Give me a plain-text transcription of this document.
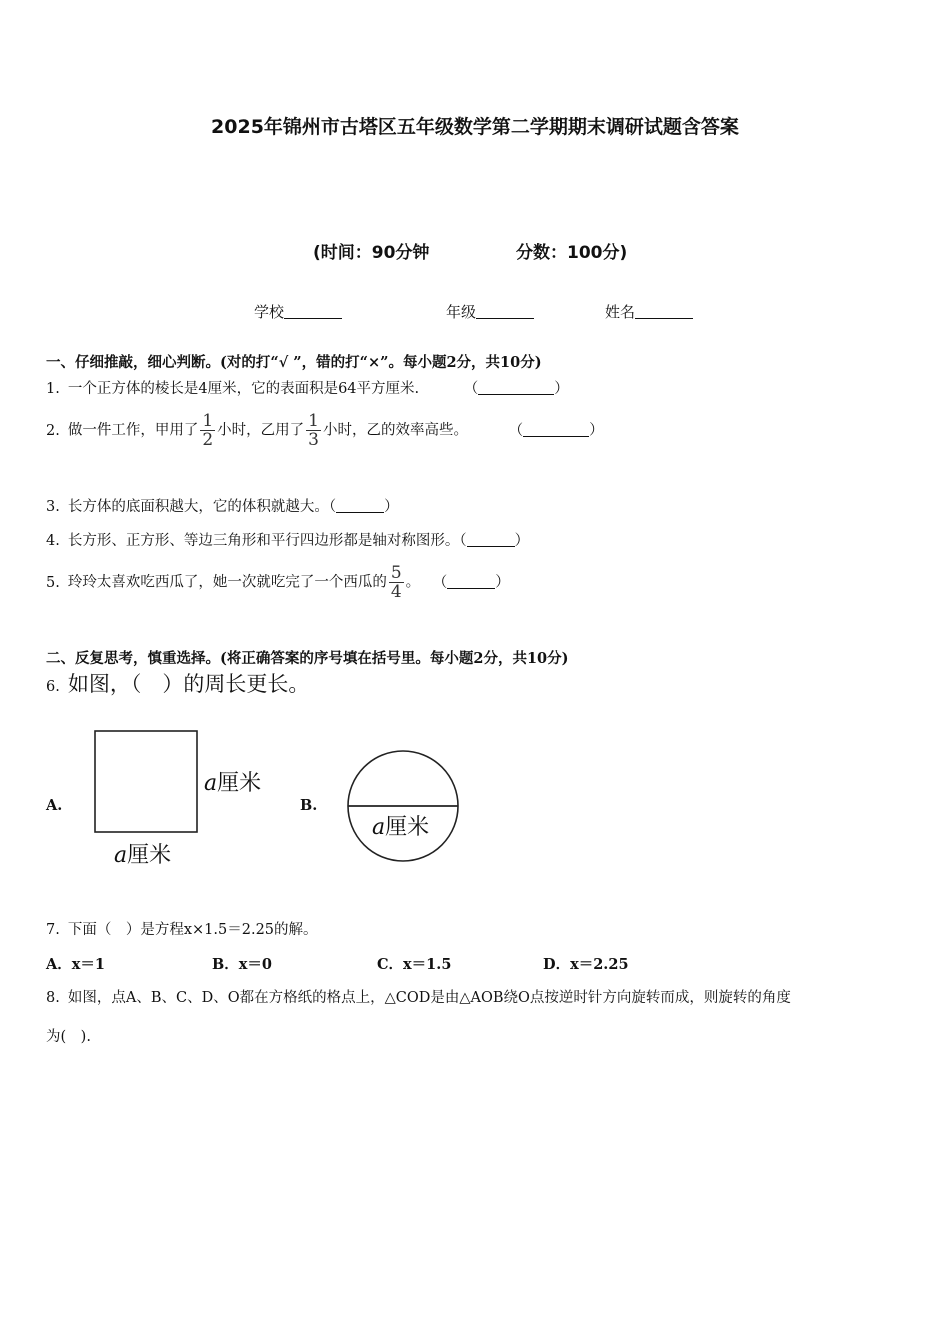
2025年锦州市古塔区五年级数学第二学期期末调研试题含答案
(时间：90分钟	分数：100分)
学校	年级	姓名
一、仔细推敲，细心判断。(对的打“√ ”，错的打“×”。每小题2分，共10分)
1. 一个正方体的棱长是4厘米，它的表面积是64平方厘米.	（	）
2. 做一件工作，甲用了 $\frac{1}{2}$ 小时，乙用了 $\frac{1}{3}$ 小时，乙的效率高些。	（	）
3. 长方体的底面积越大，它的体积就越大。（	）
4. 长方形、正方形、等边三角形和平行四边形都是轴对称图形。（	）
5. 玲玲太喜欢吃西瓜了，她一次就吃完了一个西瓜的 $\frac{5}{4}$ 。 （	）
二、反复思考，慎重选择。(将正确答案的序号填在括号里。每小题2分，共10分)
6. 如图，（　）的周长更长。
A.
a厘米
a厘米
B.
a厘米
7. 下面（　）是方程x×1.5＝2.25的解。
A．x＝1	B．x＝0	C．x＝1.5	D．x＝2.25
8. 如图，点A、B、C、D、O都在方格纸的格点上，△COD是由△AOB绕O点按逆时针方向旋转而成，则旋转的角度
为(　).
